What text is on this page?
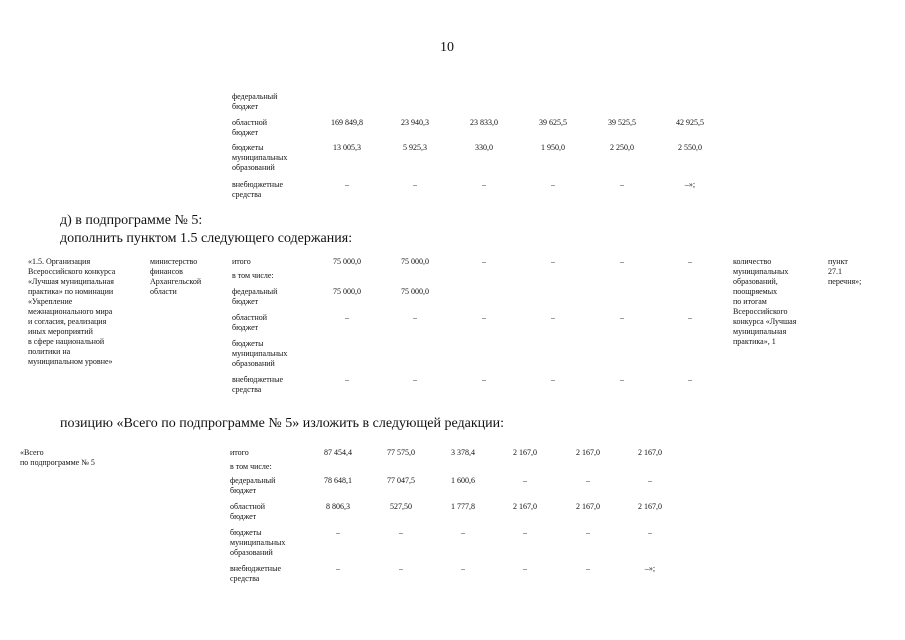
10
федеральный
бюджет
областной
бюджет
169 849,8	23 940,3	23 833,0	39 625,5	39 525,5	42 925,5
бюджеты
муниципальных
образований
13 005,3	5 925,3	330,0	1 950,0	2 250,0	2 550,0
внебюджетные
средства
–	–	–	–	–	–»;
д) в подпрограмме № 5:
дополнить пунктом 1.5 следующего содержания:
«1.5. Организация
Всероссийского конкурса
«Лучшая муниципальная
практика» по номинации
«Укрепление
межнационального мира
и согласия, реализация
иных мероприятий
в сфере национальной
политики на
муниципальном уровне»
министерство
финансов
Архангельской
области
итого	75 000,0	75 000,0	–	–	–	–
в том числе:
федеральный
бюджет
75 000,0	75 000,0
областной
бюджет
–	–	–	–	–	–
бюджеты
муниципальных
образований
внебюджетные
средства
–	–	–	–	–	–
количество
муниципальных
образований,
поощряемых
по итогам
Всероссийского
конкурса «Лучшая
муниципальная
практика», 1
пункт
27.1
перечня»;
позицию «Всего по подпрограмме № 5» изложить в следующей редакции:
«Всего
по подпрограмме № 5
итого	87 454,4	77 575,0	3 378,4	2 167,0	2 167,0	2 167,0
в том числе:
федеральный
бюджет
78 648,1	77 047,5	1 600,6	–	–	–
областной
бюджет
8 806,3	527,50	1 777,8	2 167,0	2 167,0	2 167,0
бюджеты
муниципальных
образований
–	–	–	–	–	–
внебюджетные
средства
–	–	–	–	–	–»;
